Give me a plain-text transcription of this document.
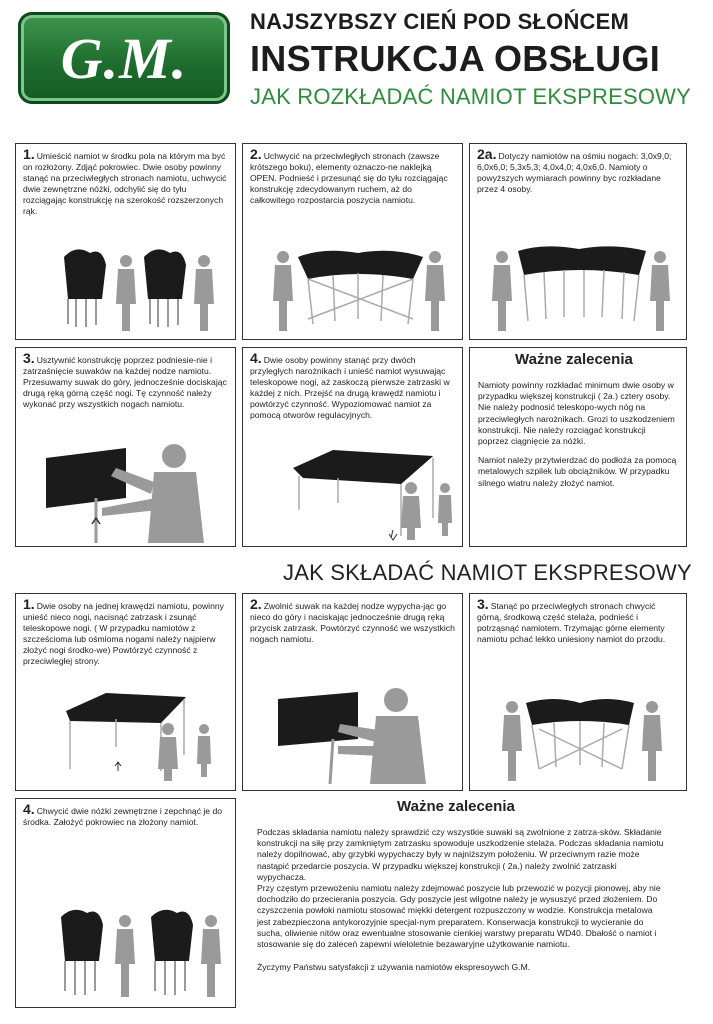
G.M.
NAJSZYBSZY CIEŃ POD SŁOŃCEM
INSTRUKCJA OBSŁUGI
JAK ROZKŁADAĆ NAMIOT EKSPRESOWY
1. Umieścić namiot w środku pola na którym ma być on rozłożony. Zdjąć pokrowiec. Dwie osoby powinny stanąć na przeciwległych stronach namiotu, uchwycić dwie zewnętrzne nóżki, odchylić się do tyłu rozciągając konstrukcję na szerokość rozszerzonych rąk.
2. Uchwycić na przeciwległych stronach (zawsze krótszego boku), elementy oznaczo-ne naklejką OPEN. Podnieść i przesunąć się do tyłu rozciągając konstrukcję zdecydowanym ruchem, aż do całkowitego rozpostarcia poszycia namiotu.
2a. Dotyczy namiotów na ośmiu nogach: 3,0x9,0; 6,0x6,0; 5,3x5,3; 4,0x4,0; 4,0x6,0. Namioty o powyższych wymiarach powinny byc rozkładane przez 4 osoby.
3. Usztywnić konstrukcję poprzez podniesie-nie i zatrzaśnięcie suwaków na każdej nodze namiotu. Przesuwamy suwak do góry, jednocześnie dociskając drugą ręką górną część nogi. Tę czynność należy wykonać przy wszystkich nogach namiotu.
4. Dwie osoby powinny stanąć przy dwóch przyległych narożnikach i unieść namiot wysuwając teleskopowe nogi, aż zaskoczą pierwsze zatrzaski w każdej z nich. Przejść na drugą krawędź namiotu i powtórzyć czynność. Wypoziomować namiot za pomocą otworów regulacyjnych.
Ważne zalecenia

Namioty powinny rozkładać minimum dwie osoby w przypadku większej konstrukcji ( 2a.) cztery osoby. Nie należy podnosić teleskopo-wych nóg na przeciwległych narożnikach. Grozi to uszkodzeniem konstrukcji. Nie należy rozciągać konstrukcji poprzez ciągnięcie za nóżki.

Namiot należy przytwierdzać do podłoża za pomocą metalowych szpilek lub obciążników. W przypadku silnego wiatru należy złożyć namiot.

JAK SKŁADAĆ NAMIOT EKSPRESOWY
1. Dwie osoby na jednej krawędzi namiotu, powinny unieść nieco nogi, nacisnąć zatrzask i zsunąć teleskopowe nogi. ( W przypadku namiotów z szcześcioma lub ośmioma nogami należy najpierw złożyć nogi środko-we) Powtórzyć czynność z przeciwległej strony.
2. Zwolnić suwak na każdej nodze wypycha-jąc go nieco do góry i naciskając jednocześnie drugą ręką przycisk zatrzask. Powtórzyć czynność we wszystkich nogach namiotu.
3. Stanąć po przeciwległych stronach chwycić górną, środkową część stelaża, podnieść i potrząsnąć namiotem. Trzymając górne elementy namiotu pchać lekko uniesiony namiot do przodu.
4. Chwycić dwie nóżki zewnętrzne i zepchnąć je do środka. Założyć pokrowiec na złożony namiot.
Ważne zalecenia

Podczas składania namiotu należy sprawdzić czy wszystkie suwaki są zwolnione z zatrza-sków. Składanie konstrukcji na siłę przy zamkniętym zatrzasku spowoduje uszkodzenie stelaża. Podczas składania namiotu należy dopilnować, aby grzybki wypychaczy były w najniższym położeniu. W przeciwnym razie może nastąpić przedarcie poszycia. W przypadku większej konstrukcji ( 2a.) należy zwolnić zatrzaski wypychacza.

Przy częstym przewożeniu namiotu należy zdejmować poszycie lub przewozić w pozycji pionowej, aby nie dochodziło do przecierania poszycia. Gdy poszycie jest wilgotne należy je wysuszyć przed złożeniem. Do czyszczenia powłoki namiotu stosować miękki detergent rozpuszczony w wodzie. Konstrukcja metalowa jest zabezpieczona antykorozyjnie specjal-nym preparatem. Konserwacja konstrukcji to wycieranie do sucha, oliwienie nitów oraz ewentualne stosowanie cienkiej warstwy preparatu WD40. Dbałość o namiot i stosowanie się do zaleceń zapewni wieloletnie bezawaryjne użytkowanie namiotu.

Życzymy Państwu satysfakcji z używania namiotów ekspresoywch G.M.
